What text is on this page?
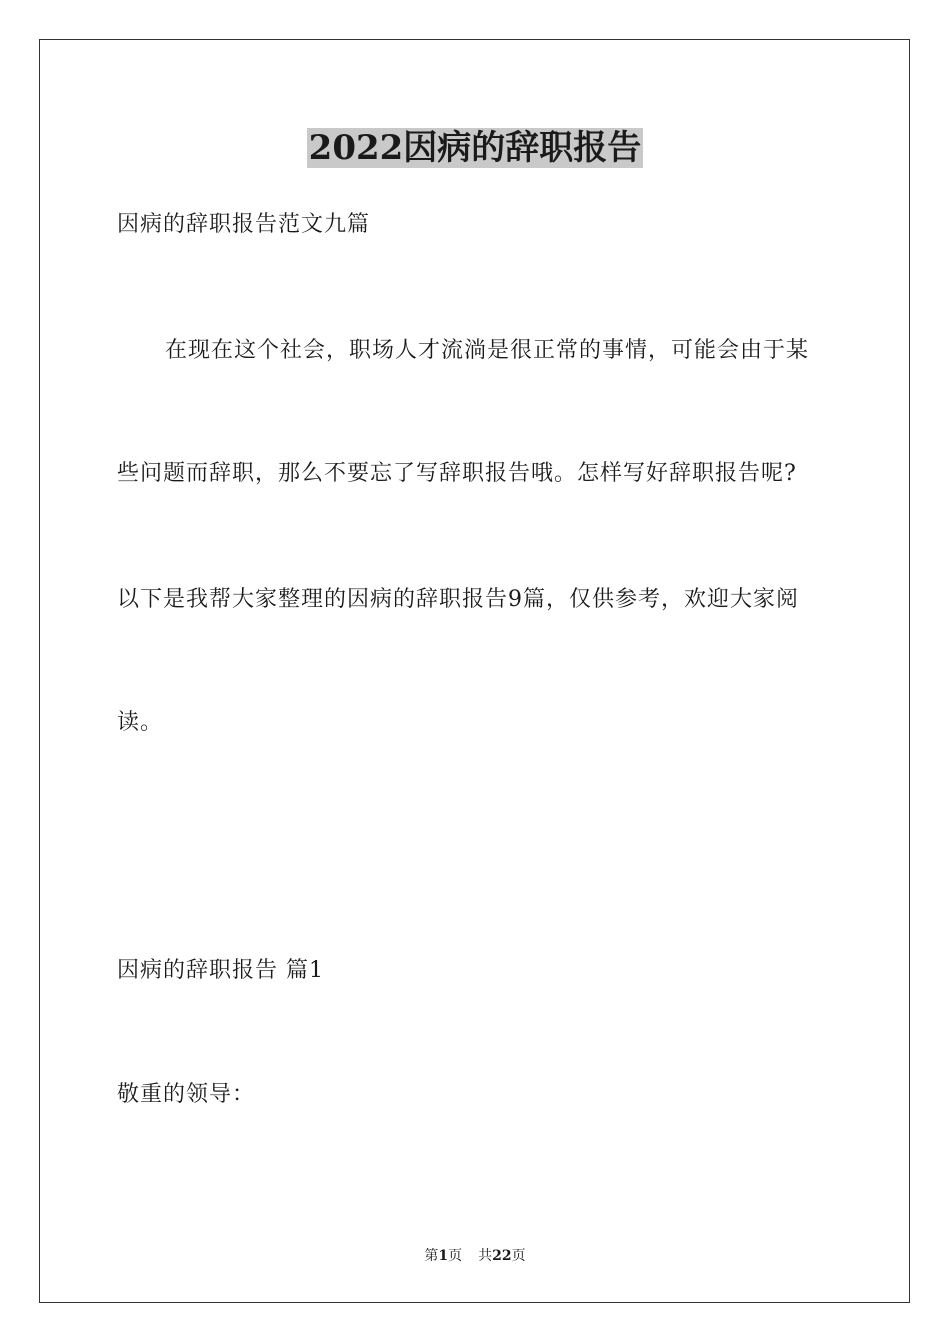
2022因病的辞职报告
因病的辞职报告范文九篇
在现在这个社会，职场人才流淌是很正常的事情，可能会由于某
些问题而辞职，那么不要忘了写辞职报告哦。怎样写好辞职报告呢?
以下是我帮大家整理的因病的辞职报告9篇，仅供参考，欢迎大家阅
读。
因病的辞职报告 篇1
敬重的领导：
第1页 共22页
